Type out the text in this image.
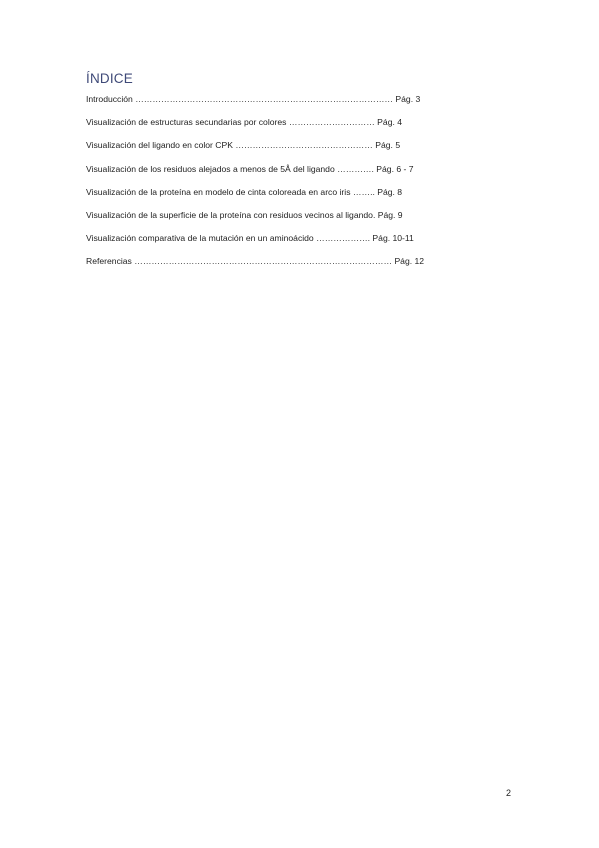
ÍNDICE
Introducción ……………………………………………………………………………… Pág. 3
Visualización de estructuras secundarias por colores ………………………… Pág. 4
Visualización del ligando en color CPK ………………………………………… Pág. 5
Visualización de los residuos alejados a menos de 5Å del ligando …………. Pág. 6 - 7
Visualización de la proteína en modelo de cinta coloreada en arco iris …….. Pág. 8
Visualización de la superficie de la proteína con residuos vecinos al ligando. Pág. 9
Visualización comparativa de la mutación en un aminoácido ………………. Pág. 10-11
Referencias ……………………………………………………………………………… Pág. 12
2
